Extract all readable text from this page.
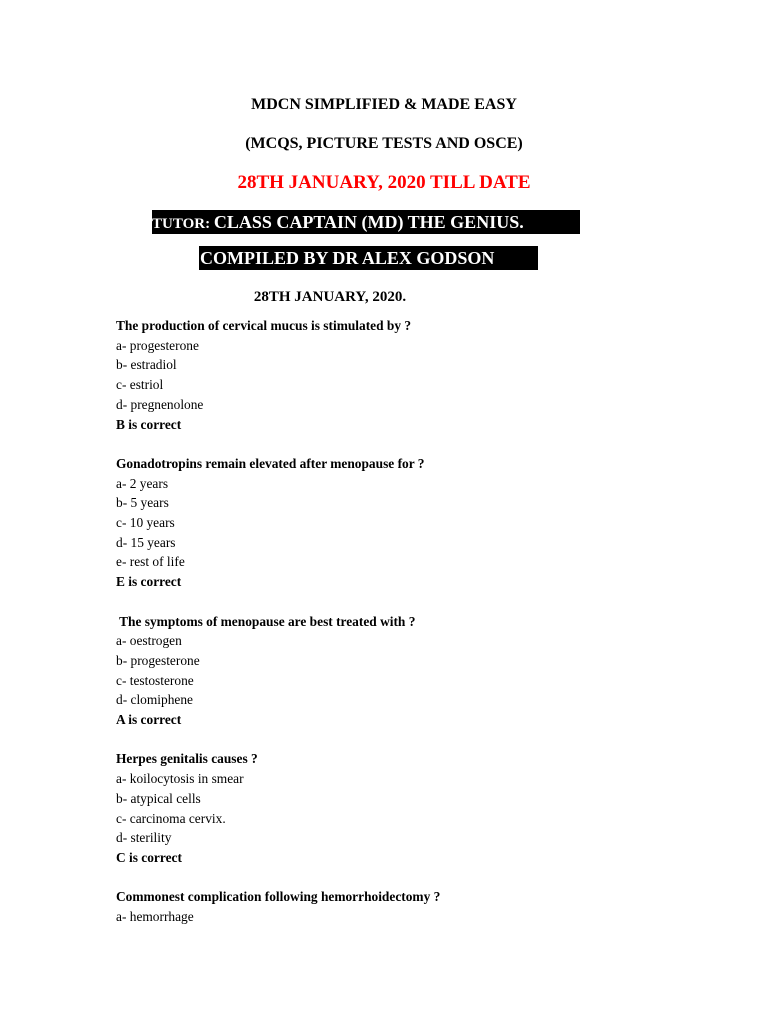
MDCN SIMPLIFIED & MADE EASY
(MCQS, PICTURE TESTS AND OSCE)
28TH JANUARY, 2020 TILL DATE
TUTOR: CLASS CAPTAIN (MD) THE GENIUS.
COMPILED BY DR ALEX GODSON
28TH JANUARY, 2020.
The production of cervical mucus is stimulated by ?
a- progesterone
b- estradiol
c- estriol
d- pregnenolone
B is correct
Gonadotropins remain elevated after menopause for ?
a- 2 years
b- 5 years
c- 10 years
d- 15 years
e- rest of life
E is correct
The symptoms of menopause are best treated with ?
a- oestrogen
b- progesterone
c- testosterone
d- clomiphene
A is correct
Herpes genitalis causes ?
a- koilocytosis in smear
b- atypical cells
c- carcinoma cervix.
d- sterility
C is correct
Commonest complication following hemorrhoidectomy ?
a- hemorrhage
